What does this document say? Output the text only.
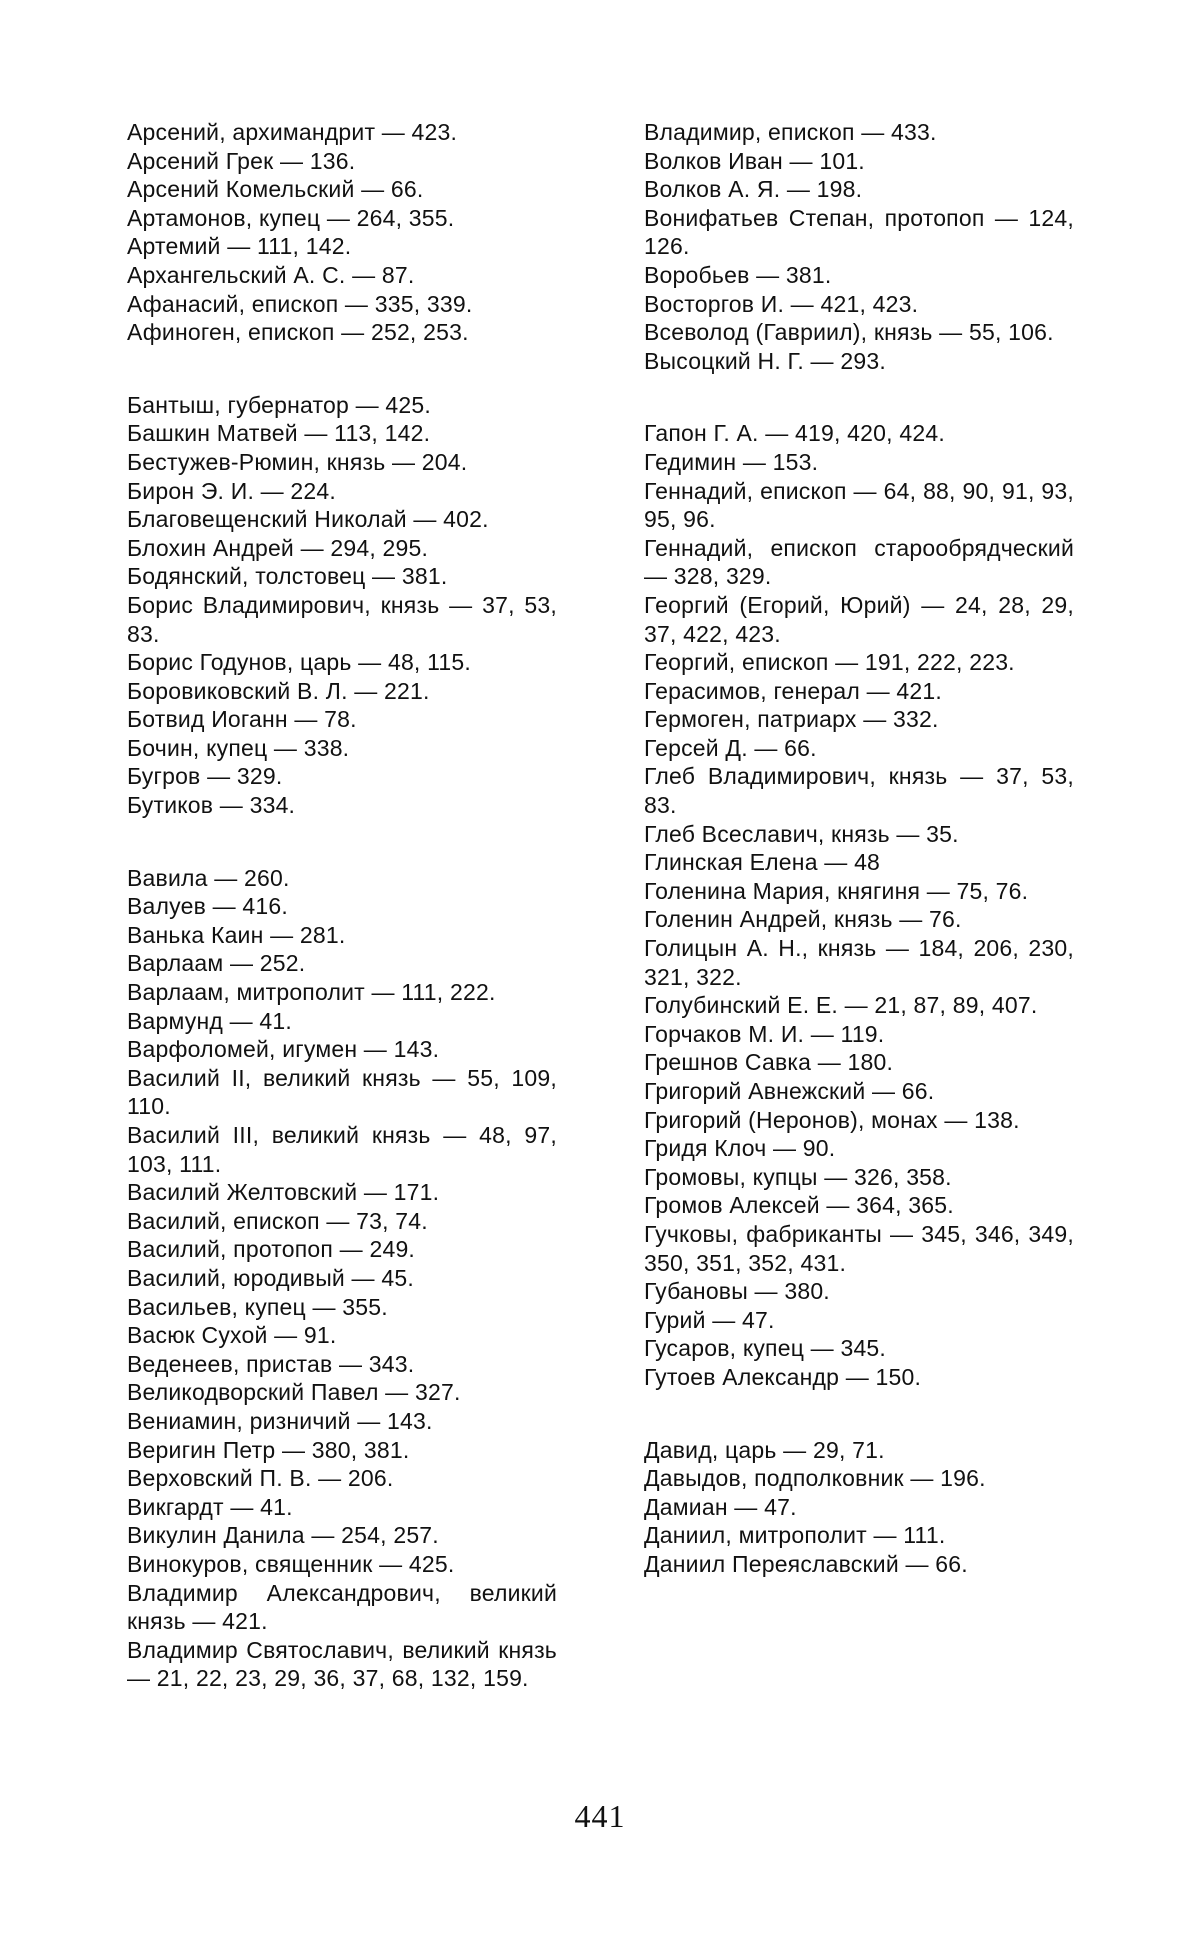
Арсений, архимандрит — 423.
Арсений Грек — 136.
Арсений Комельский — 66.
Артамонов, купец — 264, 355.
Артемий — 111, 142.
Архангельский А. С. — 87.
Афанасий, епископ — 335, 339.
Афиноген, епископ — 252, 253.
Бантыш, губернатор — 425.
Башкин Матвей — 113, 142.
Бестужев-Рюмин, князь — 204.
Бирон Э. И. — 224.
Благовещенский Николай — 402.
Блохин Андрей — 294, 295.
Бодянский, толстовец — 381.
Борис Владимирович, князь — 37, 53, 83.
Борис Годунов, царь — 48, 115.
Боровиковский В. Л. — 221.
Ботвид Иоганн — 78.
Бочин, купец — 338.
Бугров — 329.
Бутиков — 334.
Вавила — 260.
Валуев — 416.
Ванька Каин — 281.
Варлаам — 252.
Варлаам, митрополит — 111, 222.
Вармунд — 41.
Варфоломей, игумен — 143.
Василий II, великий князь — 55, 109, 110.
Василий III, великий князь — 48, 97, 103, 111.
Василий Желтовский — 171.
Василий, епископ — 73, 74.
Василий, протопоп — 249.
Василий, юродивый — 45.
Васильев, купец — 355.
Васюк Сухой — 91.
Веденеев, пристав — 343.
Великодворский Павел — 327.
Вениамин, ризничий — 143.
Веригин Петр — 380, 381.
Верховский П. В. — 206.
Викгардт — 41.
Викулин Данила — 254, 257.
Винокуров, священник — 425.
Владимир Александрович, великий князь — 421.
Владимир Святославич, великий князь — 21, 22, 23, 29, 36, 37, 68, 132, 159.
Владимир, епископ — 433.
Волков Иван — 101.
Волков А. Я. — 198.
Вонифатьев Степан, протопоп — 124, 126.
Воробьев — 381.
Восторгов И. — 421, 423.
Всеволод (Гавриил), князь — 55, 106.
Высоцкий Н. Г. — 293.
Гапон Г. А. — 419, 420, 424.
Гедимин — 153.
Геннадий, епископ — 64, 88, 90, 91, 93, 95, 96.
Геннадий, епископ старообрядческий — 328, 329.
Георгий (Егорий, Юрий) — 24, 28, 29, 37, 422, 423.
Георгий, епископ — 191, 222, 223.
Герасимов, генерал — 421.
Гермоген, патриарх — 332.
Герсей Д. — 66.
Глеб Владимирович, князь — 37, 53, 83.
Глеб Всеславич, князь — 35.
Глинская Елена — 48
Голенина Мария, княгиня — 75, 76.
Голенин Андрей, князь — 76.
Голицын А. Н., князь — 184, 206, 230, 321, 322.
Голубинский Е. Е. — 21, 87, 89, 407.
Горчаков М. И. — 119.
Грешнов Савка — 180.
Григорий Авнежский — 66.
Григорий (Неронов), монах — 138.
Гридя Клоч — 90.
Громовы, купцы — 326, 358.
Громов Алексей — 364, 365.
Гучковы, фабриканты — 345, 346, 349, 350, 351, 352, 431.
Губановы — 380.
Гурий — 47.
Гусаров, купец — 345.
Гутоев Александр — 150.
Давид, царь — 29, 71.
Давыдов, подполковник — 196.
Дамиан — 47.
Даниил, митрополит — 111.
Даниил Переяславский — 66.
441
